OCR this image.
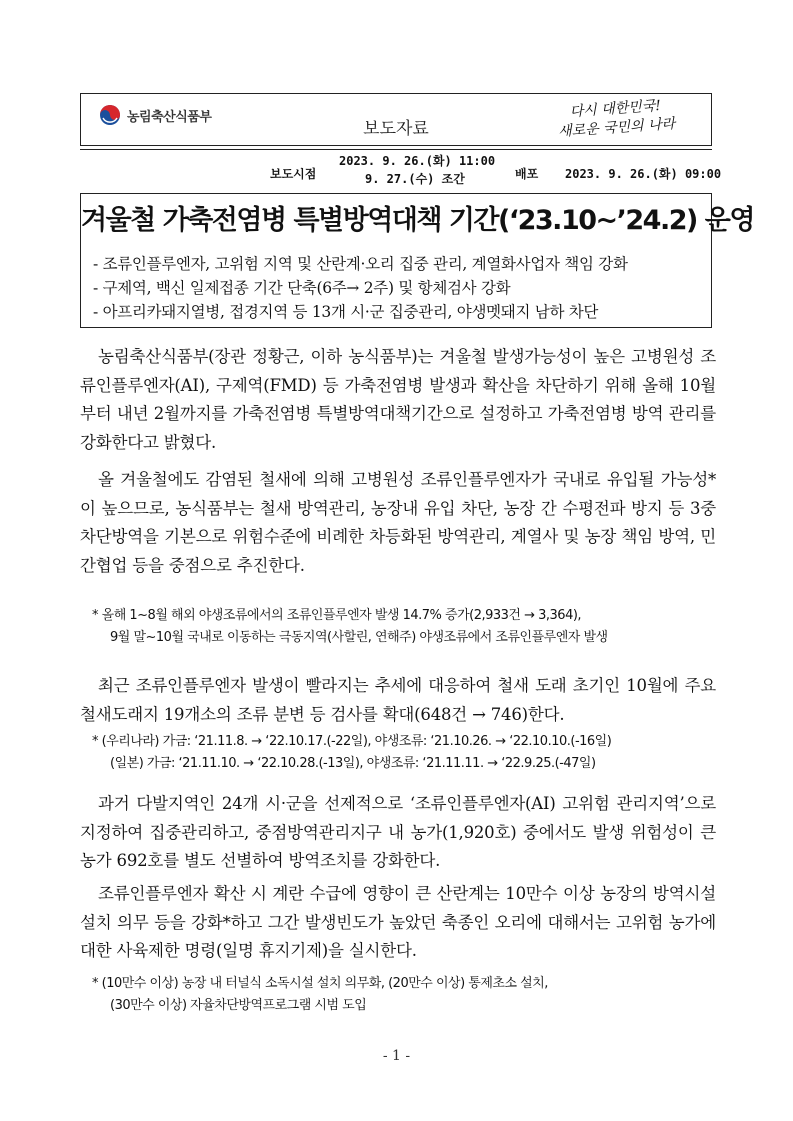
농림축산식품부
보도자료
다시 대한민국!
새로운 국민의 나라
보도시점
2023. 9. 26.(화) 11:00
9. 27.(수) 조간	배포 2023. 9. 26.(화) 09:00
겨울철 가축전염병 특별방역대책 기간(‘23.10~’24.2) 운영
- 조류인플루엔자, 고위험 지역 및 산란계·오리 집중 관리, 계열화사업자 책임 강화
- 구제역, 백신 일제접종 기간 단축(6주→ 2주) 및 항체검사 강화
- 아프리카돼지열병, 접경지역 등 13개 시·군 집중관리, 야생멧돼지 남하 차단

농림축산식품부(장관 정황근, 이하 농식품부)는 겨울철 발생가능성이 높은 고병원성 조류인플루엔자(AI), 구제역(FMD) 등 가축전염병 발생과 확산을 차단하기 위해 올해 10월부터 내년 2월까지를 가축전염병 특별방역대책기간으로 설정하고 가축전염병 방역 관리를 강화한다고 밝혔다.

올 겨울철에도 감염된 철새에 의해 고병원성 조류인플루엔자가 국내로 유입될 가능성*이 높으므로, 농식품부는 철새 방역관리, 농장내 유입 차단, 농장 간 수평전파 방지 등 3중 차단방역을 기본으로 위험수준에 비례한 차등화된 방역관리, 계열사 및 농장 책임 방역, 민간협업 등을 중점으로 추진한다.

* 올해 1~8월 해외 야생조류에서의 조류인플루엔자 발생 14.7% 증가(2,933건 → 3,364),
9월 말~10월 국내로 이동하는 극동지역(사할린, 연해주) 야생조류에서 조류인플루엔자 발생

최근 조류인플루엔자 발생이 빨라지는 추세에 대응하여 철새 도래 초기인 10월에 주요 철새도래지 19개소의 조류 분변 등 검사를 확대(648건 → 746)한다.

* (우리나라) 가금: ‘21.11.8. → ‘22.10.17.(-22일), 야생조류: ‘21.10.26. → ‘22.10.10.(-16일)
(일본) 가금: ‘21.11.10. → ‘22.10.28.(-13일), 야생조류: ‘21.11.11. → ‘22.9.25.(-47일)

과거 다발지역인 24개 시·군을 선제적으로 ‘조류인플루엔자(AI) 고위험 관리지역’으로 지정하여 집중관리하고, 중점방역관리지구 내 농가(1,920호) 중에서도 발생 위험성이 큰 농가 692호를 별도 선별하여 방역조치를 강화한다.

조류인플루엔자 확산 시 계란 수급에 영향이 큰 산란계는 10만수 이상 농장의 방역시설 설치 의무 등을 강화*하고 그간 발생빈도가 높았던 축종인 오리에 대해서는 고위험 농가에 대한 사육제한 명령(일명 휴지기제)을 실시한다.

* (10만수 이상) 농장 내 터널식 소독시설 설치 의무화, (20만수 이상) 통제초소 설치,
(30만수 이상) 자율차단방역프로그램 시범 도입
- 1 -
